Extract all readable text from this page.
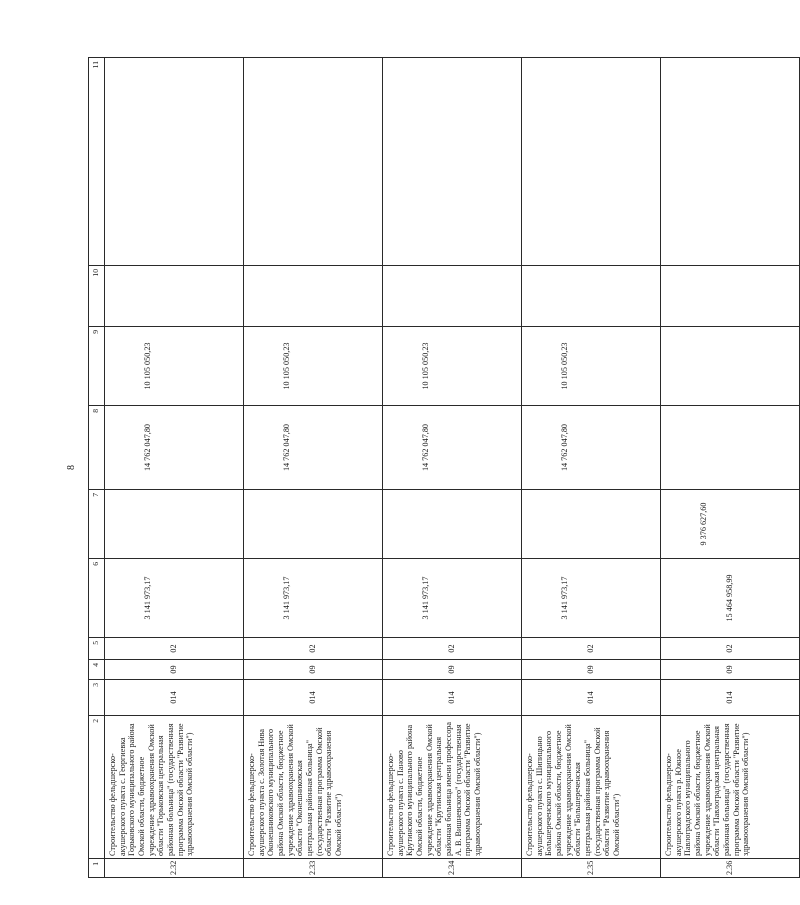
8
1	2	3	4	5	6	7	8	9	10	11
2.32	Строительство фельдшерско-акушерского пункта с. Георгиевка Горьковского муниципального района Омской области, бюджетное учреждение здравоохранения Омской области "Горьковская центральная районная больница" (государственная программа Омской области "Развитие здравоохранения Омской области")	014	09	02	3 141 973,17		14 762 047,80	10 105 050,23		
2.33	Строительство фельдшерско-акушерского пункта с. Золотая Нива Оконешниковского муниципального района Омской области, бюджетное учреждение здравоохранения Омской области "Оконешниковская центральная районная больница" (государственная программа Омской области "Развитие здравоохранения Омской области")	014	09	02	3 141 973,17		14 762 047,80	10 105 050,23		
2.34	Строительство фельдшерско-акушерского пункта с. Паново Крутинского муниципального района Омской области, бюджетное учреждение здравоохранения Омской области "Крутинская центральная районная больница имени профессора А. В. Вишневского" (государственная программа Омской области "Развитие здравоохранения Омской области")	014	09	02	3 141 973,17		14 762 047,80	10 105 050,23		
2.35	Строительство фельдшерско-акушерского пункта с. Шипицыно Большереченского муниципального района Омской области, бюджетное учреждение здравоохранения Омской области "Большереченская центральная районная больница" (государственная программа Омской области "Развитие здравоохранения Омской области")	014	09	02	3 141 973,17		14 762 047,80	10 105 050,23		
2.36	Строительство фельдшерско-акушерского пункта р. Южное Павлоградского муниципального района Омской области, бюджетное учреждение здравоохранения Омской области "Павлоградская центральная районная больница" (государственная программа Омской области "Развитие здравоохранения Омской области")	014	09	02	15 464 958,99	9 376 627,60				
